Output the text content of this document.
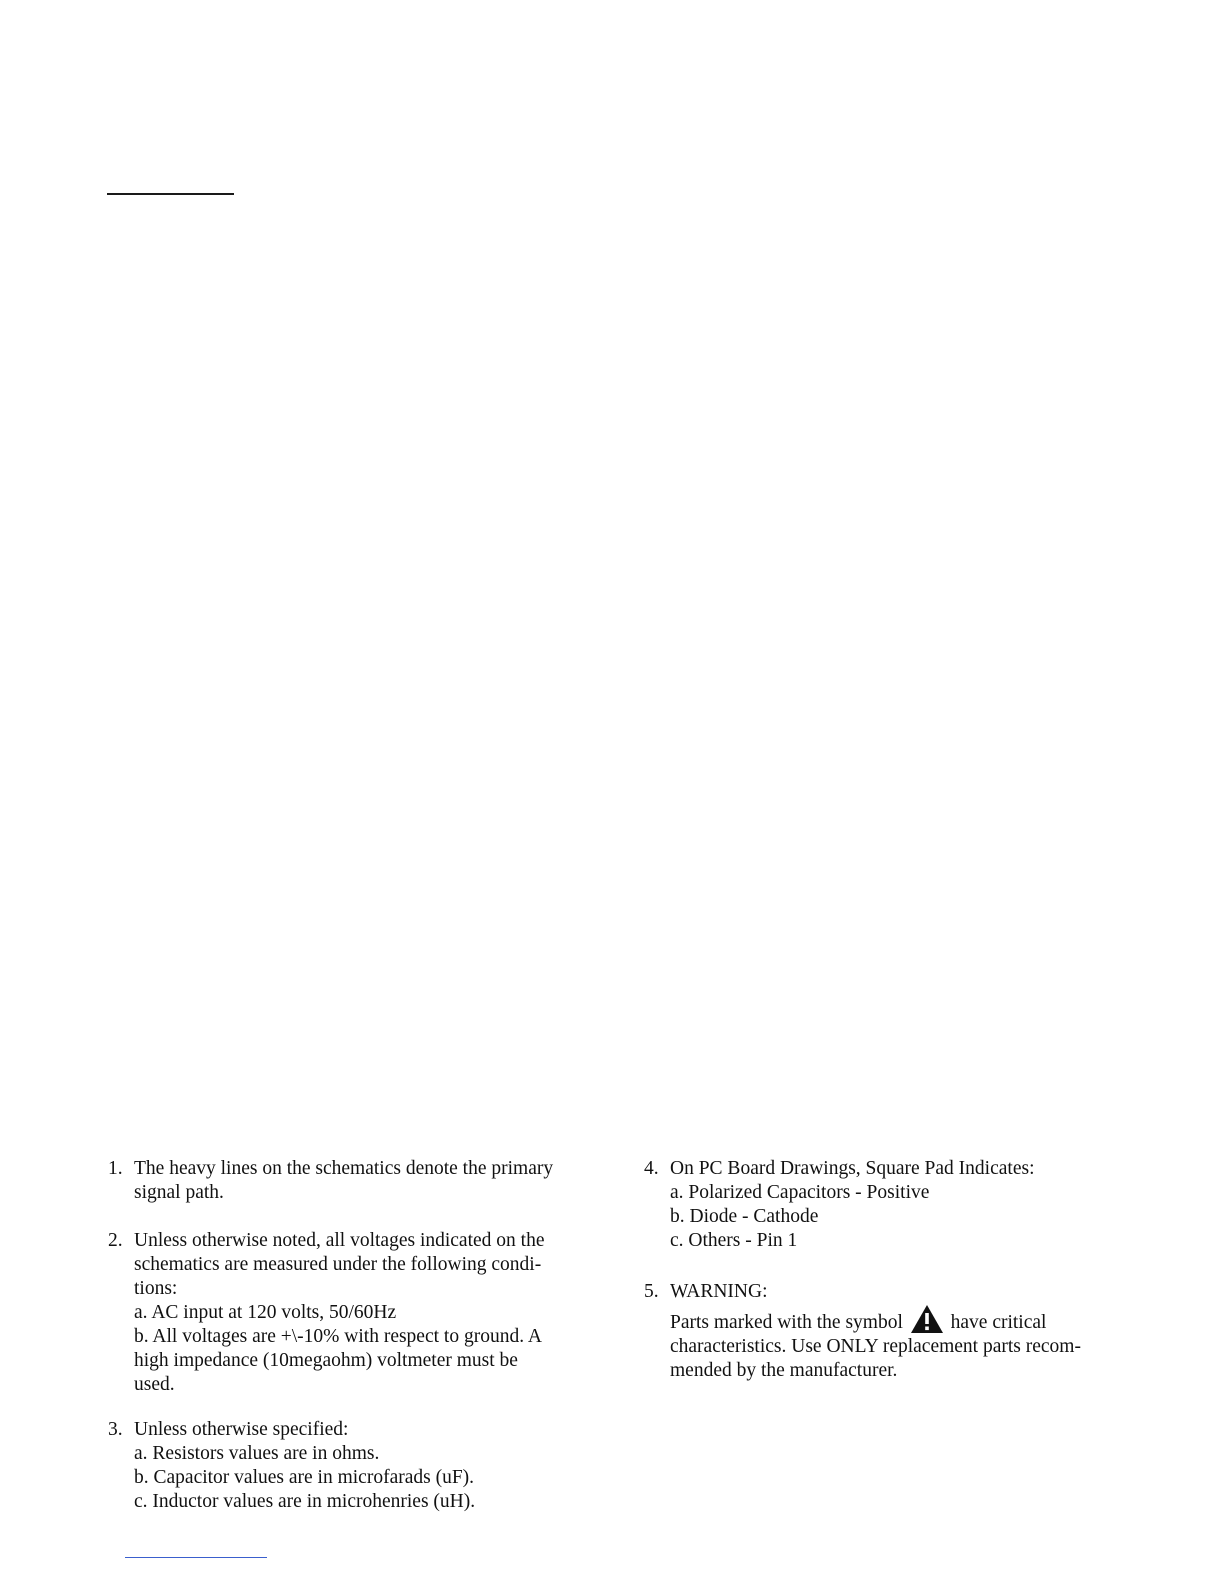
1. The heavy lines on the schematics denote the primary
signal path.
2. Unless otherwise noted, all voltages indicated on the
schematics are measured under the following condi-
tions:
a. AC input at 120 volts, 50/60Hz
b. All voltages are +\-10% with respect to ground. A
high impedance (10megaohm) voltmeter must be
used.
3. Unless otherwise specified:
a. Resistors values are in ohms.
b. Capacitor values are in microfarads (uF).
c. Inductor values are in microhenries (uH).
4. On PC Board Drawings, Square Pad Indicates:
a. Polarized Capacitors - Positive
b. Diode - Cathode
c. Others - Pin 1
5. WARNING:
Parts marked with the symbol have critical
characteristics. Use ONLY replacement parts recom-
mended by the manufacturer.
